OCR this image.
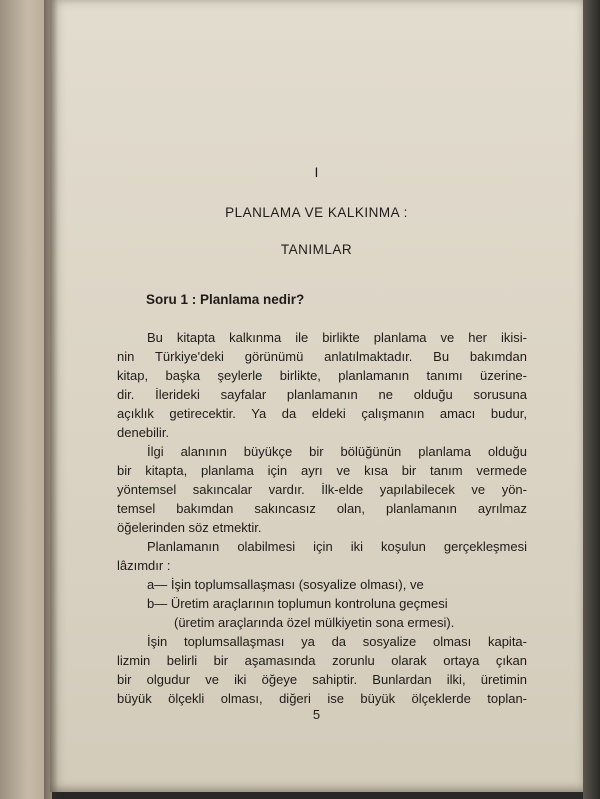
I
PLANLAMA VE KALKINMA :
TANIMLAR
Soru 1 : Planlama nedir?
Bu kitapta kalkınma ile birlikte planlama ve her ikisi-
nin Türkiye'deki görünümü anlatılmaktadır. Bu bakımdan
kitap, başka şeylerle birlikte, planlamanın tanımı üzerine-
dir. İlerideki sayfalar planlamanın ne olduğu sorusuna
açıklık getirecektir. Ya da eldeki çalışmanın amacı budur,
denebilir.
İlgi alanının büyükçe bir bölüğünün planlama olduğu
bir kitapta, planlama için ayrı ve kısa bir tanım vermede
yöntemsel sakıncalar vardır. İlk-elde yapılabilecek ve yön-
temsel bakımdan sakıncasız olan, planlamanın ayrılmaz
öğelerinden söz etmektir.
Planlamanın olabilmesi için iki koşulun gerçekleşmesi
lâzımdır :
a— İşin toplumsallaşması (sosyalize olması), ve
b— Üretim araçlarının toplumun kontroluna geçmesi
(üretim araçlarında özel mülkiyetin sona ermesi).
İşin toplumsallaşması ya da sosyalize olması kapita-
lizmin belirli bir aşamasında zorunlu olarak ortaya çıkan
bir olgudur ve iki öğeye sahiptir. Bunlardan ilki, üretimin
büyük ölçekli olması, diğeri ise büyük ölçeklerde toplan-
5
